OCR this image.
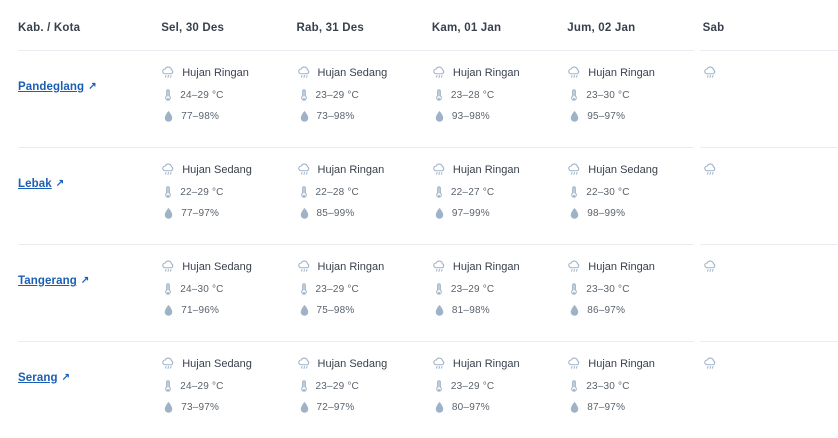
Kab. / Kota	Sel, 30 Des	Rab, 31 Des	Kam, 01 Jan	Jum, 02 Jan	Sab
Pandeglang ↗	
Hujan Ringan
24–29 °C
77–98%

Hujan Sedang
23–29 °C
73–98%

Hujan Ringan
23–28 °C
93–98%

Hujan Ringan
23–30 °C
95–97%

Lebak ↗	
Hujan Sedang
22–29 °C
77–97%

Hujan Ringan
22–28 °C
85–99%

Hujan Ringan
22–27 °C
97–99%

Hujan Sedang
22–30 °C
98–99%

Tangerang ↗	
Hujan Sedang
24–30 °C
71–96%

Hujan Ringan
23–29 °C
75–98%

Hujan Ringan
23–29 °C
81–98%

Hujan Ringan
23–30 °C
86–97%

Serang ↗	
Hujan Sedang
24–29 °C
73–97%

Hujan Sedang
23–29 °C
72–97%

Hujan Ringan
23–29 °C
80–97%

Hujan Ringan
23–30 °C
87–97%
